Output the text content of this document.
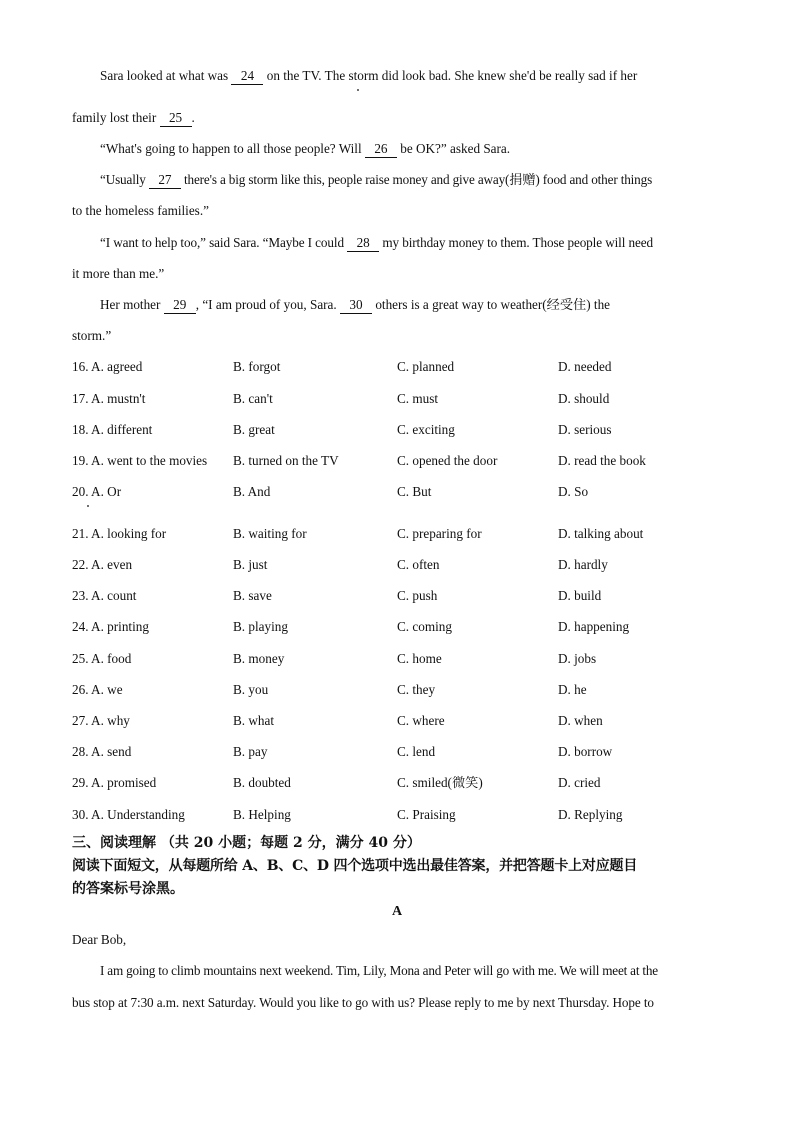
Sara looked at what was 24 on the TV. The storm did look bad. She knew she'd be really sad if her
family lost their 25 .
“What's going to happen to all those people? Will 26 be OK?” asked Sara.
“Usually 27 there's a big storm like this, people raise money and give away(捐赠) food and other things
to the homeless families.”
“I want to help too,” said Sara. “Maybe I could 28 my birthday money to them. Those people will need
it more than me.”
Her mother 29 , “I am proud of you, Sara. 30 others is a great way to weather(经受住) the
storm.”
16. A. agreed	B. forgot	C. planned	D. needed
17. A. mustn't	B. can't	C. must	D. should
18. A. different	B. great	C. exciting	D. serious
19. A. went to the movies B. turned on the TV	C. opened the door	D. read the book
20. A. Or	B. And	C. But	D. So
21. A. looking for	B. waiting for	C. preparing for	D. talking about
22. A. even	B. just	C. often	D. hardly
23. A. count	B. save	C. push	D. build
24. A. printing	B. playing	C. coming	D. happening
25. A. food	B. money	C. home	D. jobs
26. A. we	B. you	C. they	D. he
27. A. why	B. what	C. where	D. when
28. A. send	B. pay	C. lend	D. borrow
29. A. promised	B. doubted	C. smiled(微笑)	D. cried
30. A. Understanding	B. Helping	C. Praising	D. Replying
三、阅读理解 （共 20 小题；每题 2 分，满分 40 分）
阅读下面短文，从每题所给 A、B、C、D 四个选项中选出最佳答案，并把答题卡上对应题目
的答案标号涂黑。
A
Dear Bob,
I am going to climb mountains next weekend. Tim, Lily, Mona and Peter will go with me. We will meet at the
bus stop at 7:30 a.m. next Saturday. Would you like to go with us? Please reply to me by next Thursday. Hope to
